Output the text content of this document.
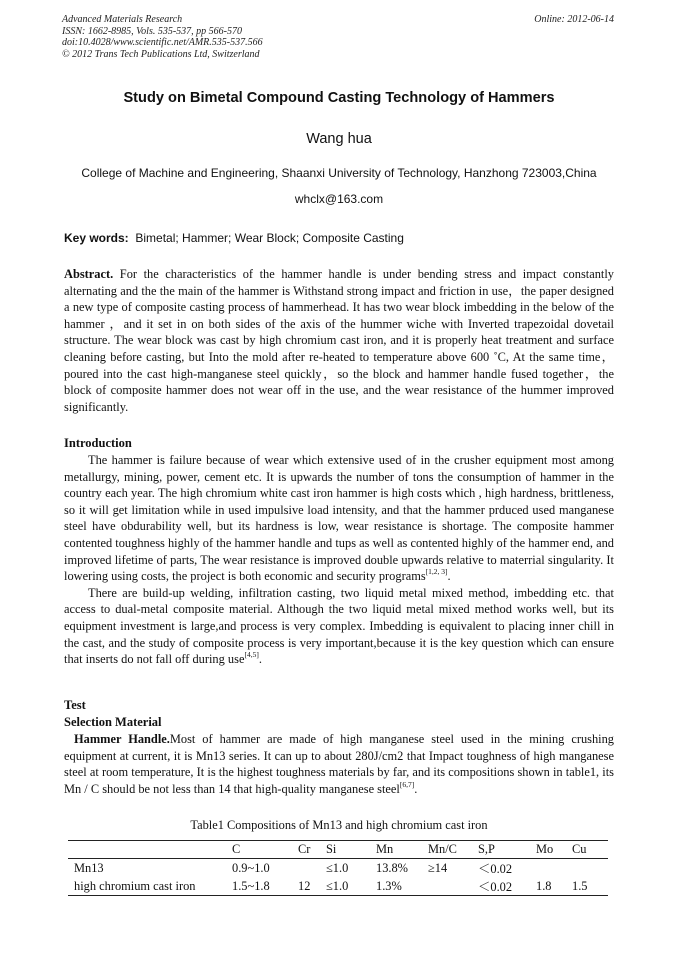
Advanced Materials Research
ISSN: 1662-8985, Vols. 535-537, pp 566-570
doi:10.4028/www.scientific.net/AMR.535-537.566
© 2012 Trans Tech Publications Ltd, Switzerland
Online: 2012-06-14
Study on Bimetal Compound Casting Technology of Hammers
Wang hua
College of Machine and Engineering, Shaanxi University of Technology, Hanzhong 723003,China
whclx@163.com
Key words: Bimetal; Hammer; Wear Block; Composite Casting
Abstract. For the characteristics of the hammer handle is under bending stress and impact constantly alternating and the the main of the hammer is Withstand strong impact and friction in use，the paper designed a new type of composite casting process of hammerhead. It has two wear block imbedding in the below of the hammer ，and it set in on both sides of the axis of the hummer wiche with Inverted trapezoidal dovetail structure. The wear block was cast by high chromium cast iron, and it is properly heat treatment and surface cleaning before casting, but Into the mold after re-heated to temperature above 600 ˚C, At the same time，poured into the cast high-manganese steel quickly，so the block and hammer handle fused together，the block of composite hammer does not wear off in the use, and the wear resistance of the hummer improved significantly.
Introduction

The hammer is failure because of wear which extensive used of in the crusher equipment most among metallurgy, mining, power, cement etc. It is upwards the number of tons the consumption of hammer in the country each year. The high chromium white cast iron hammer is high costs which , high hardness, brittleness, so it will get limitation while in used impulsive load intensity, and that the hammer prduced used manganese steel have obdurability well, but its hardness is low, wear resistance is shortage. The composite hammer contented toughness highly of the hammer handle and tups as well as contented highly of the hammer end, and improved lifetime of parts, The wear resistance is improved double upwards relative to materrial singularity. It lowering using costs, the project is both economic and security programs[1,2, 3].

There are build-up welding, infiltration casting, two liquid metal mixed method, imbedding etc. that access to dual-metal composite material. Although the two liquid metal mixed method works well, but its equipment investment is large,and process is very complex. Imbedding is equivalent to placing inner chill in the cast, and the study of composite process is very important,because it is the key question which can ensure that inserts do not fall off during use[4,5].

Test
Selection Material

Hammer Handle.Most of hammer are made of high manganese steel used in the mining crushing equipment at current, it is Mn13 series. It can up to about 280J/cm2 that Impact toughness of high manganese steel at room temperature, It is the highest toughness materials by far, and its compositions shown in table1, its Mn / C should be not less than 14 that high-quality manganese steel[6,7].

Table1 Compositions of Mn13 and high chromium cast iron
	C	Cr	Si	Mn	Mn/C	S,P	Mo	Cu
Mn13	0.9~1.0		≤1.0	13.8%	≥14	＜0.02		
high chromium cast iron	1.5~1.8	12	≤1.0	1.3%		＜0.02	1.8	1.5
